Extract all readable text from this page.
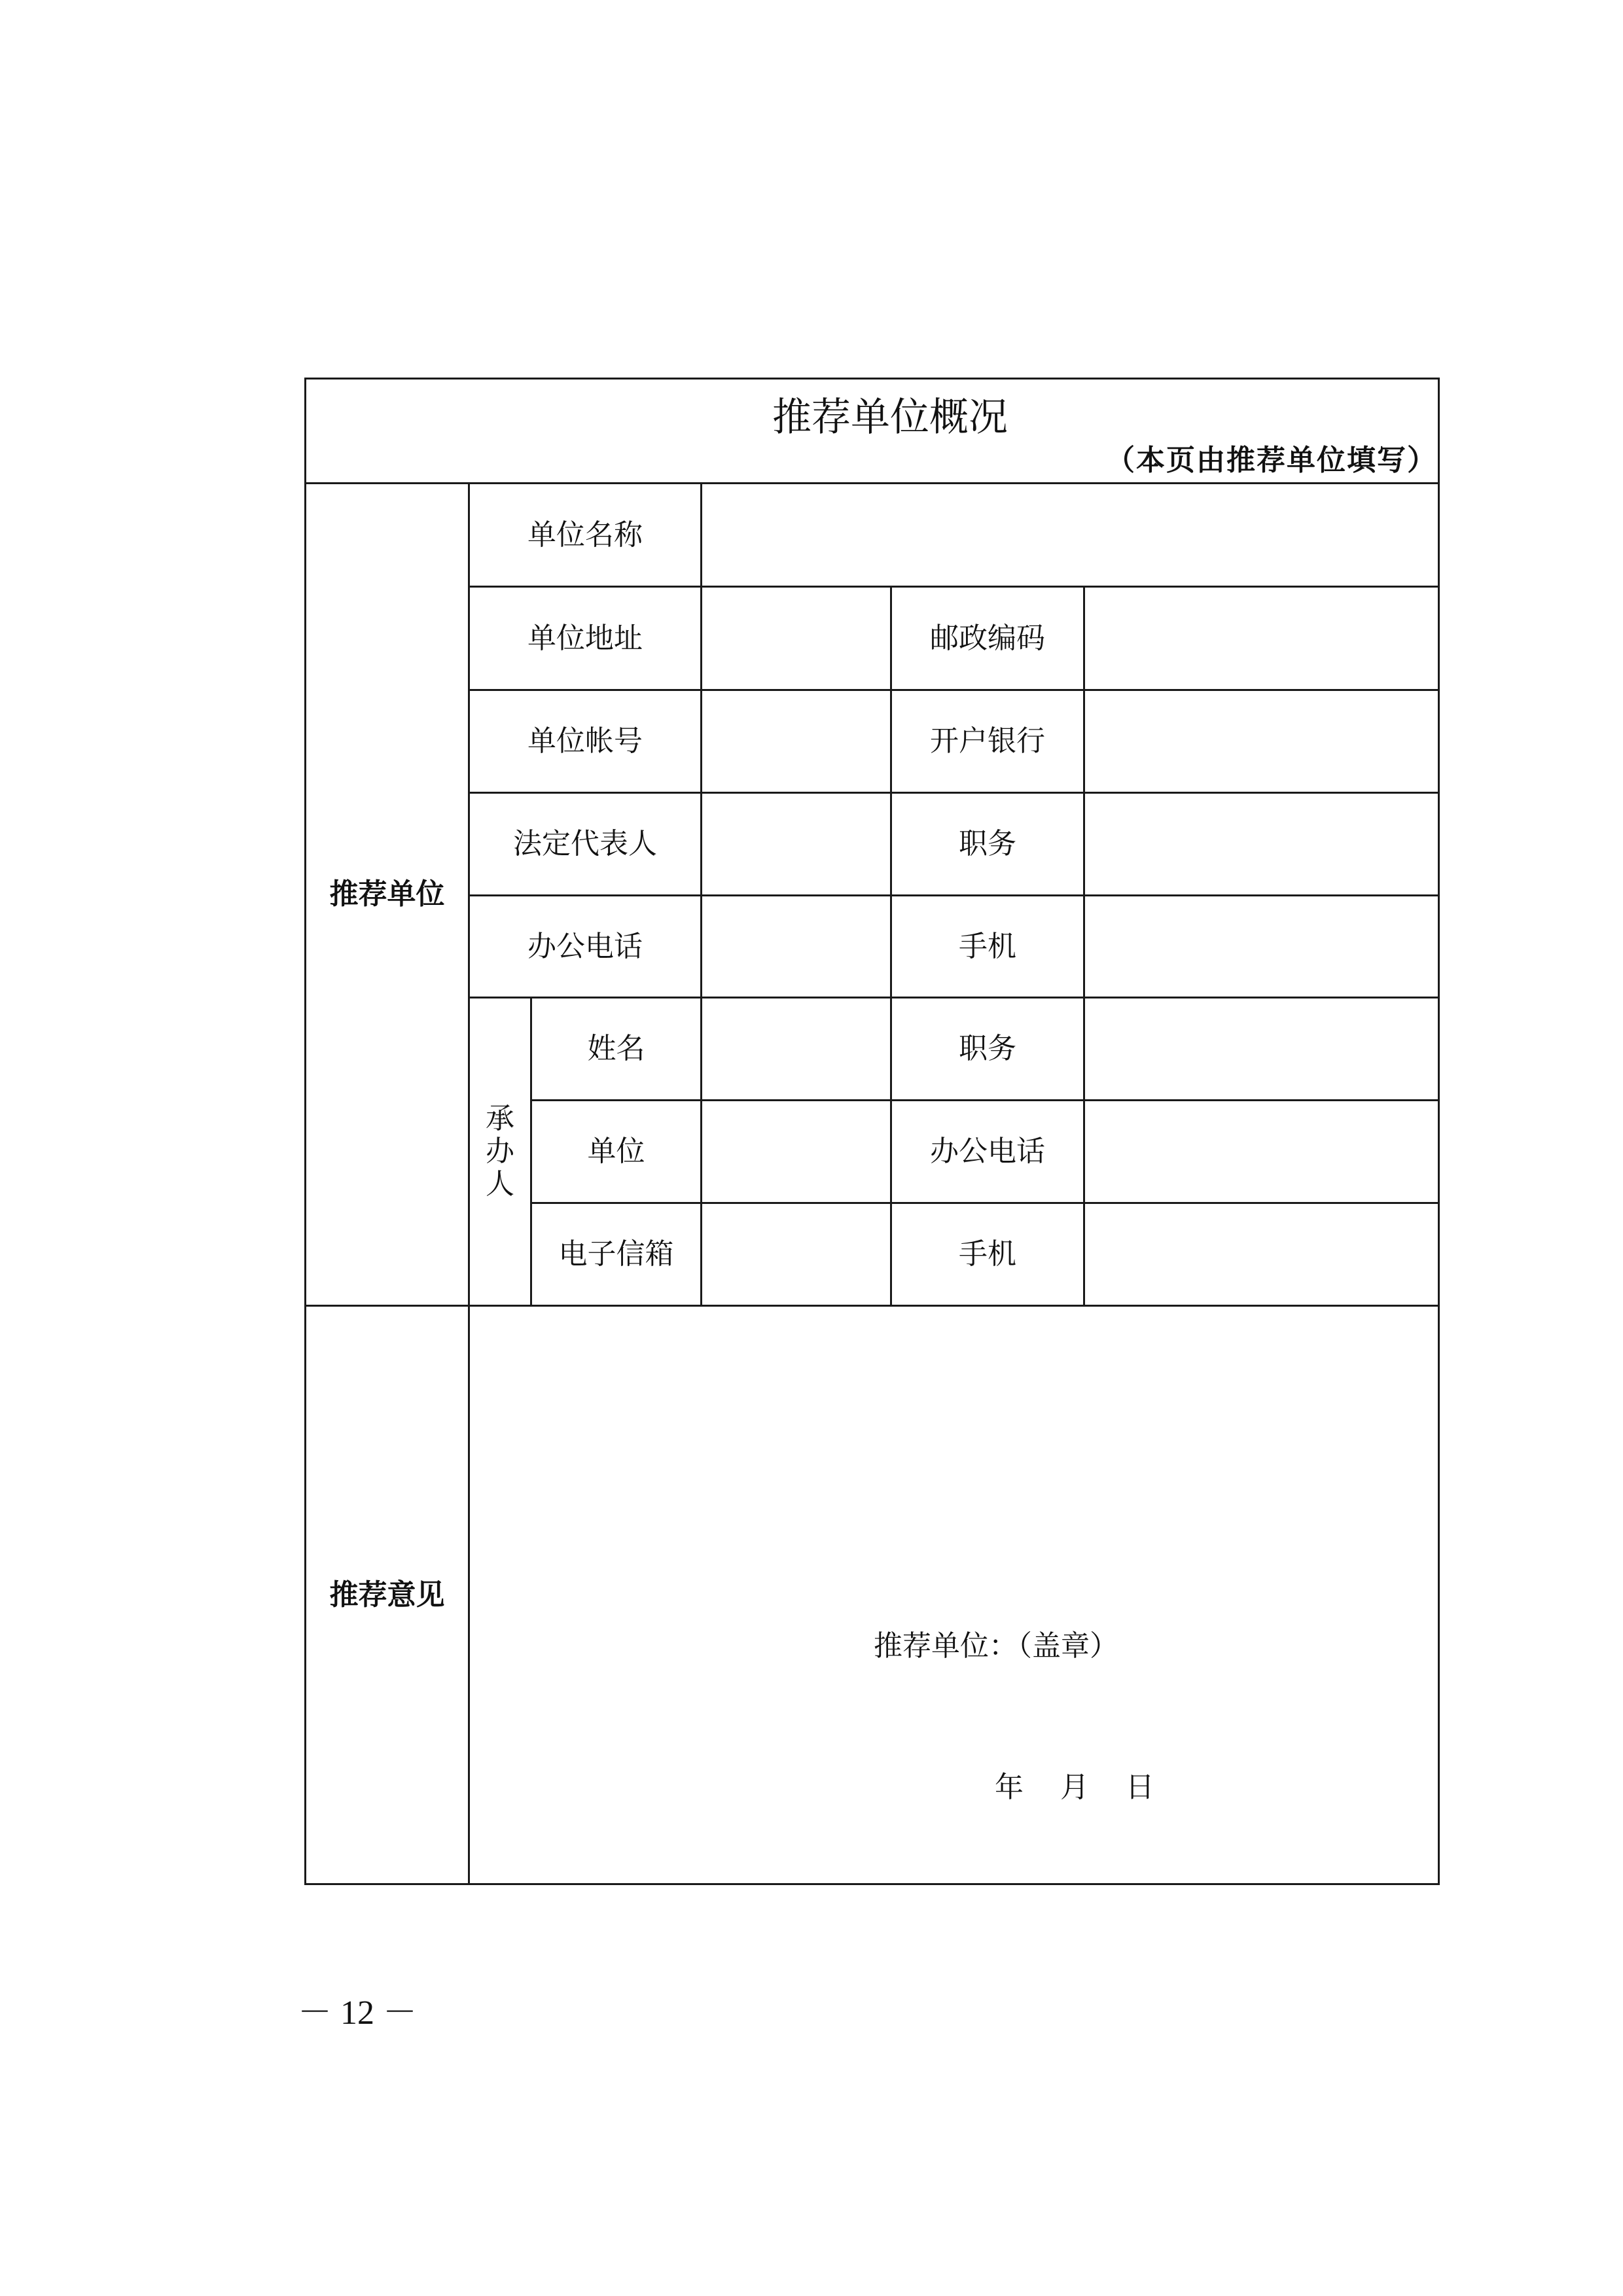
推荐单位概况
（本页由推荐单位填写）
推荐单位
单位名称
单位地址	邮政编码
单位帐号	开户银行
法定代表人	职务
办公电话	手机
承
办
人
姓名	职务
单位	办公电话
电子信箱	手机
推荐意见
推荐单位：（盖章）
年    月    日
－ 12 －
